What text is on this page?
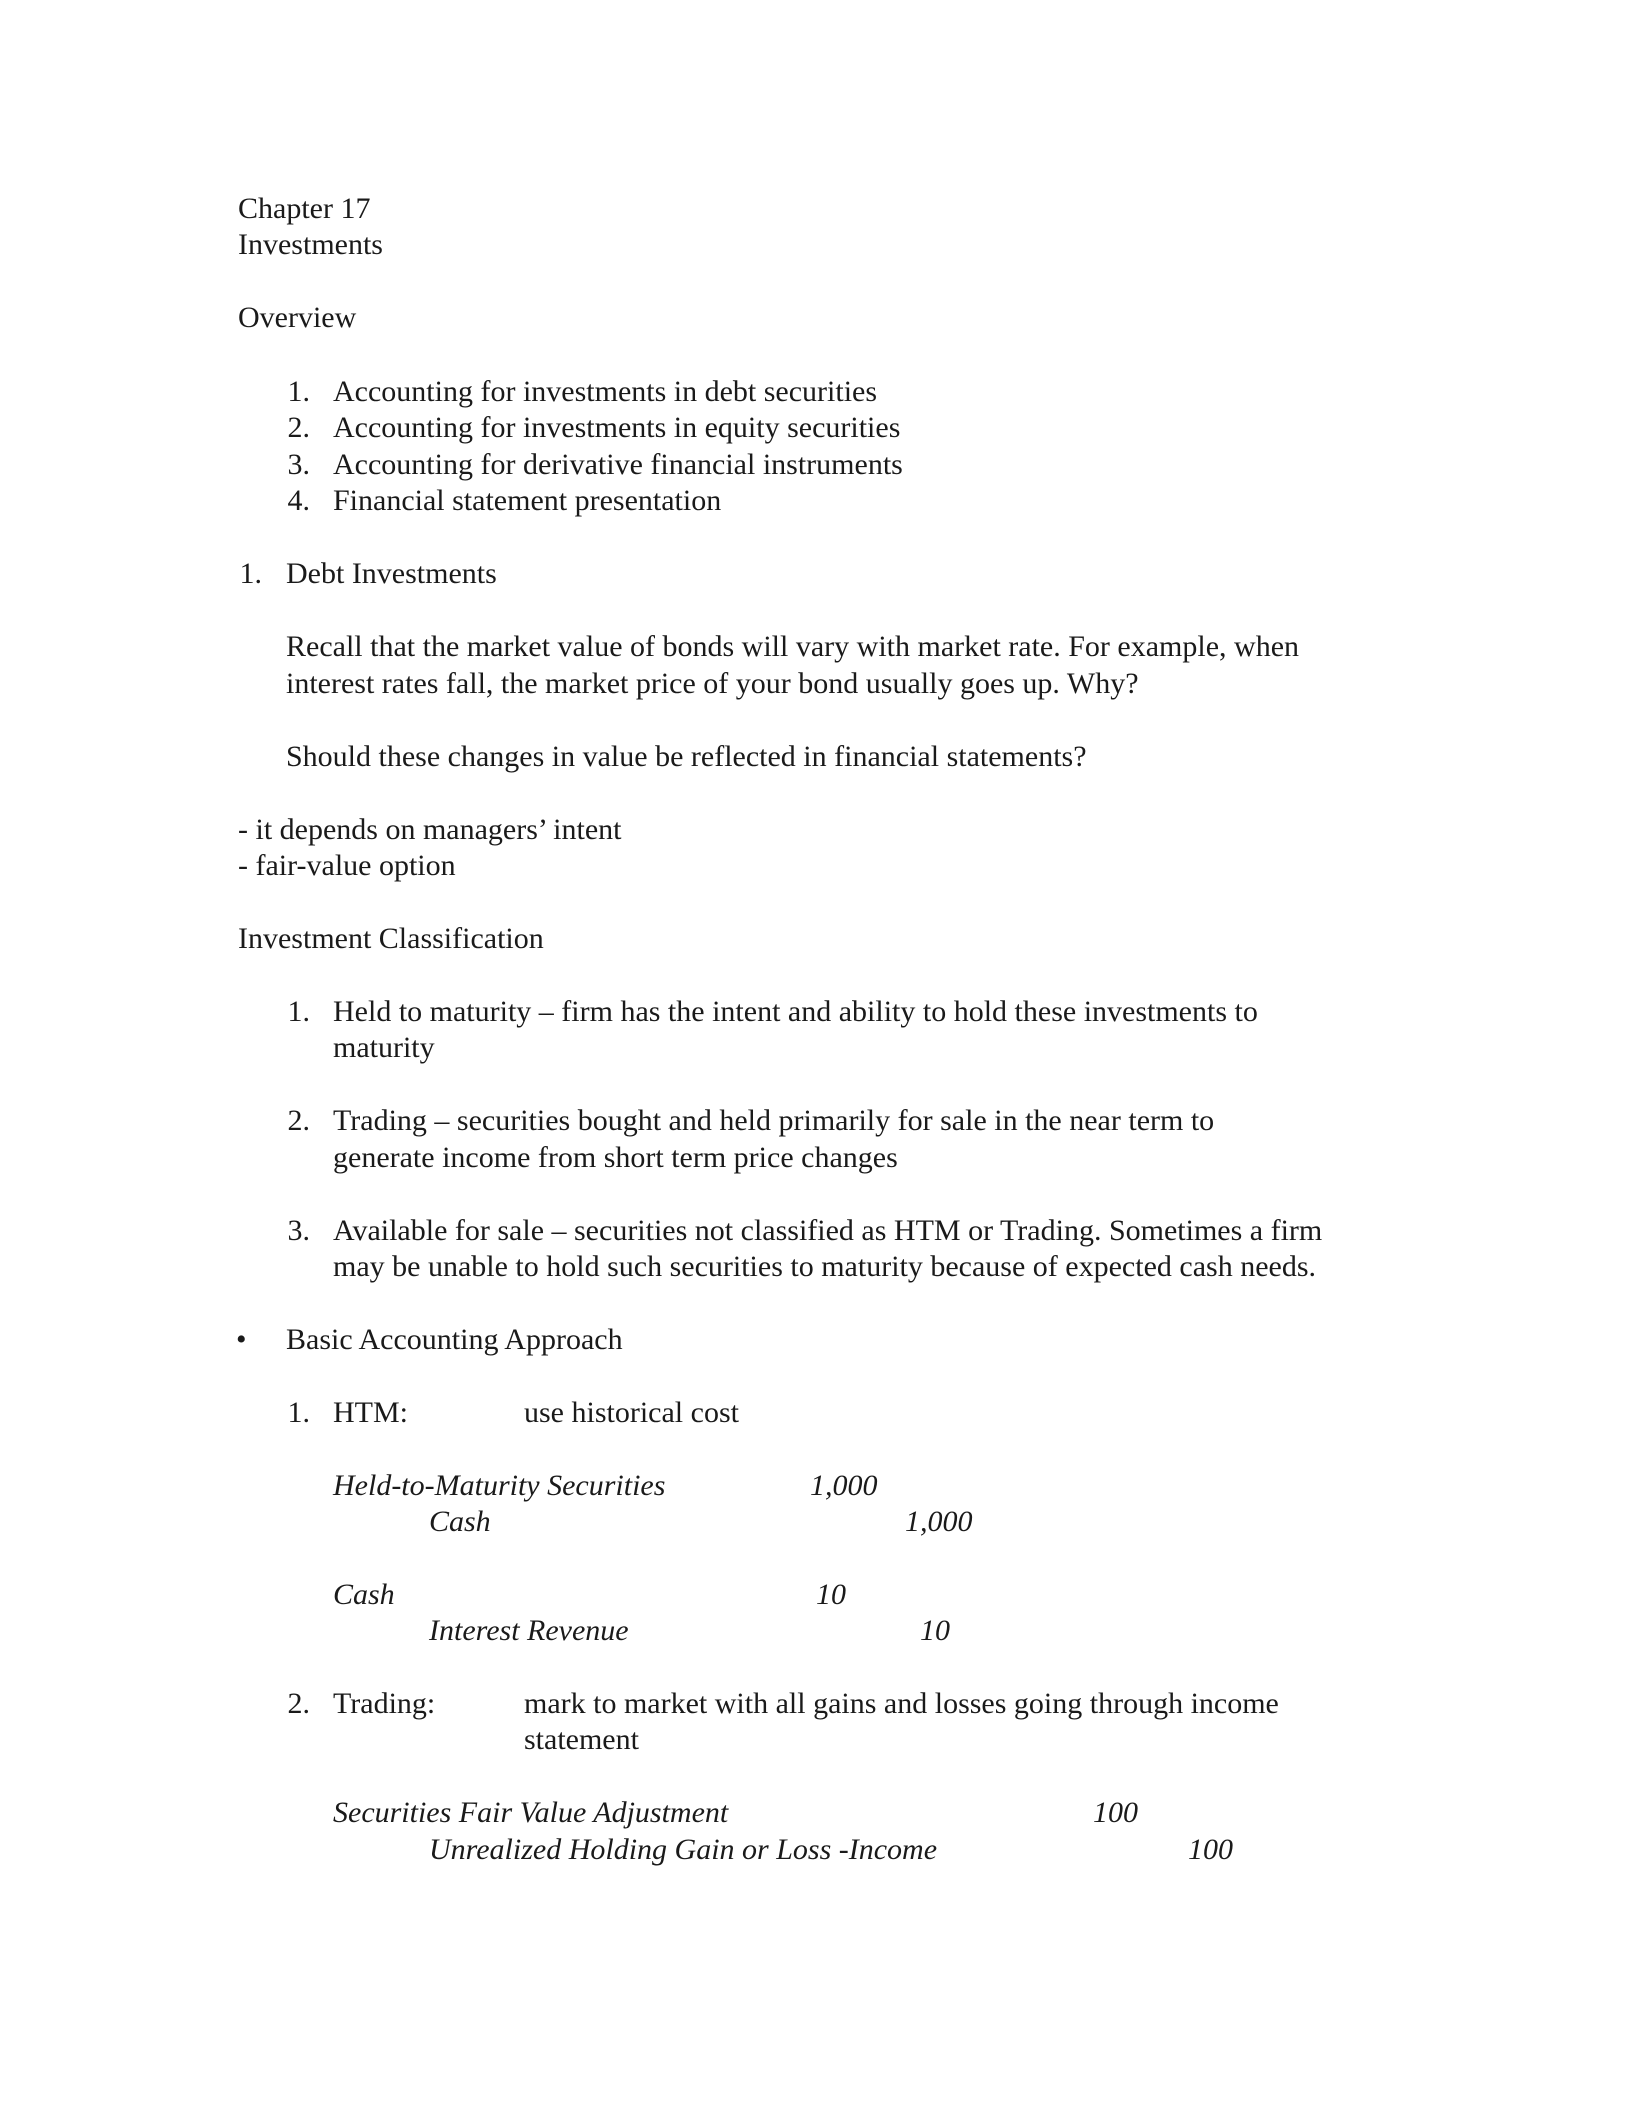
Chapter 17
Investments
Overview
1. Accounting for investments in debt securities
2. Accounting for investments in equity securities
3. Accounting for derivative financial instruments
4. Financial statement presentation
1. Debt Investments
Recall that the market value of bonds will vary with market rate. For example, when
interest rates fall, the market price of your bond usually goes up. Why?
Should these changes in value be reflected in financial statements?
- it depends on managers’ intent
- fair-value option
Investment Classification
1. Held to maturity – firm has the intent and ability to hold these investments to
maturity
2. Trading – securities bought and held primarily for sale in the near term to
generate income from short term price changes
3. Available for sale – securities not classified as HTM or Trading. Sometimes a firm
may be unable to hold such securities to maturity because of expected cash needs.
• Basic Accounting Approach
1. HTM:	use historical cost
Held-to-Maturity Securities	1,000
Cash	1,000
Cash	10
Interest Revenue	10
2. Trading:	mark to market with all gains and losses going through income
statement
Securities Fair Value Adjustment	100
Unrealized Holding Gain or Loss -Income	100
